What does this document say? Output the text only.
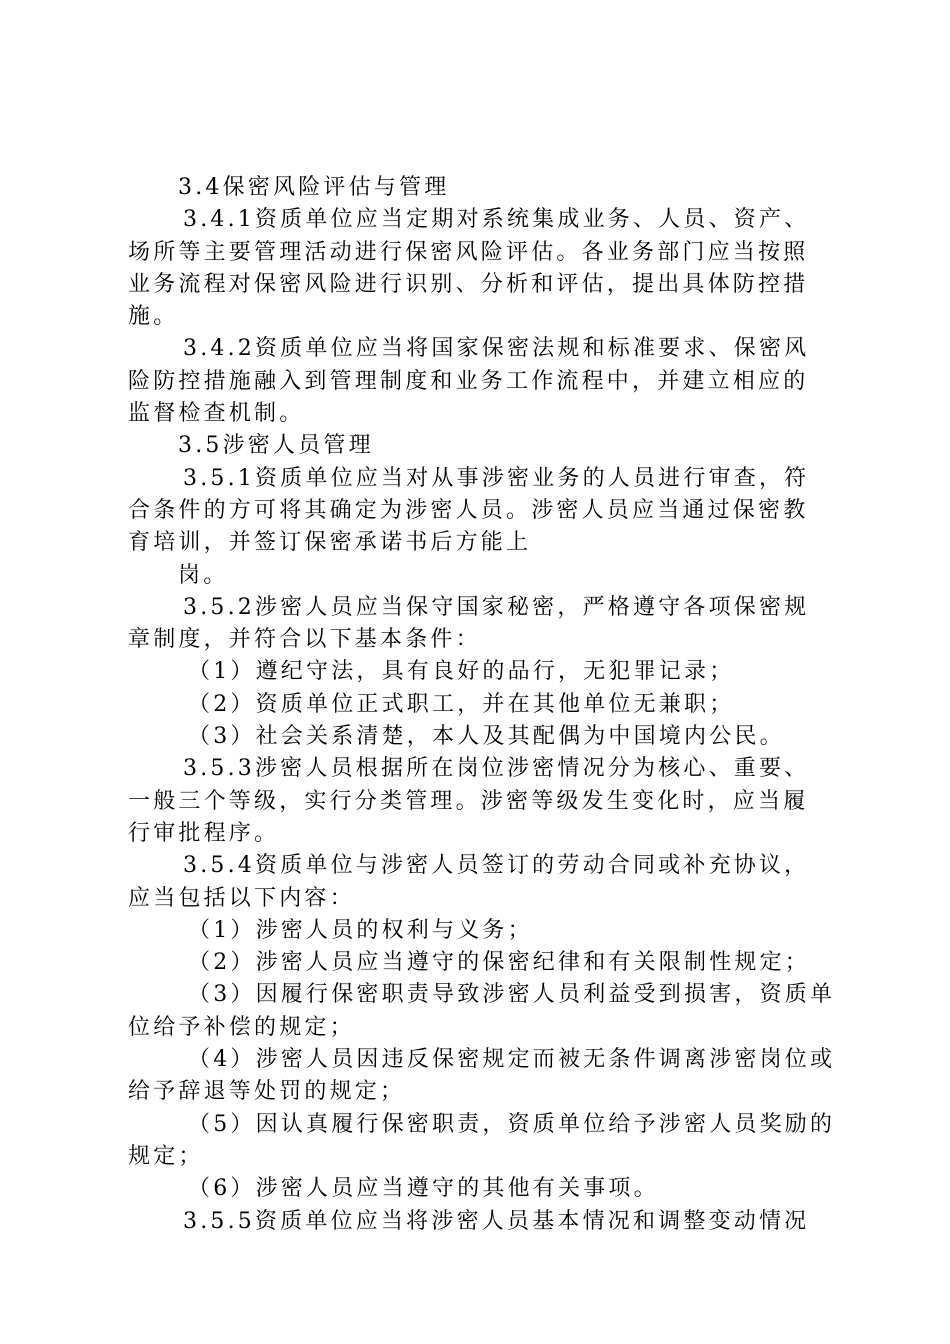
3.4保密风险评估与管理

3.4.1资质单位应当定期对系统集成业务、人员、资产、

场所等主要管理活动进行保密风险评估。各业务部门应当按照

业务流程对保密风险进行识别、分析和评估，提出具体防控措

施。

3.4.2资质单位应当将国家保密法规和标准要求、保密风

险防控措施融入到管理制度和业务工作流程中，并建立相应的

监督检查机制。

3.5涉密人员管理

3.5.1资质单位应当对从事涉密业务的人员进行审查，符

合条件的方可将其确定为涉密人员。涉密人员应当通过保密教

育培训，并签订保密承诺书后方能上

岗。

3.5.2涉密人员应当保守国家秘密，严格遵守各项保密规

章制度，并符合以下基本条件：

（1）遵纪守法，具有良好的品行，无犯罪记录；

（2）资质单位正式职工，并在其他单位无兼职；

（3）社会关系清楚，本人及其配偶为中国境内公民。

3.5.3涉密人员根据所在岗位涉密情况分为核心、重要、

一般三个等级，实行分类管理。涉密等级发生变化时，应当履

行审批程序。

3.5.4资质单位与涉密人员签订的劳动合同或补充协议，

应当包括以下内容：

（1）涉密人员的权利与义务；

（2）涉密人员应当遵守的保密纪律和有关限制性规定；

（3）因履行保密职责导致涉密人员利益受到损害，资质单

位给予补偿的规定；

（4）涉密人员因违反保密规定而被无条件调离涉密岗位或

给予辞退等处罚的规定；

（5）因认真履行保密职责，资质单位给予涉密人员奖励的

规定；

（6）涉密人员应当遵守的其他有关事项。

3.5.5资质单位应当将涉密人员基本情况和调整变动情况
